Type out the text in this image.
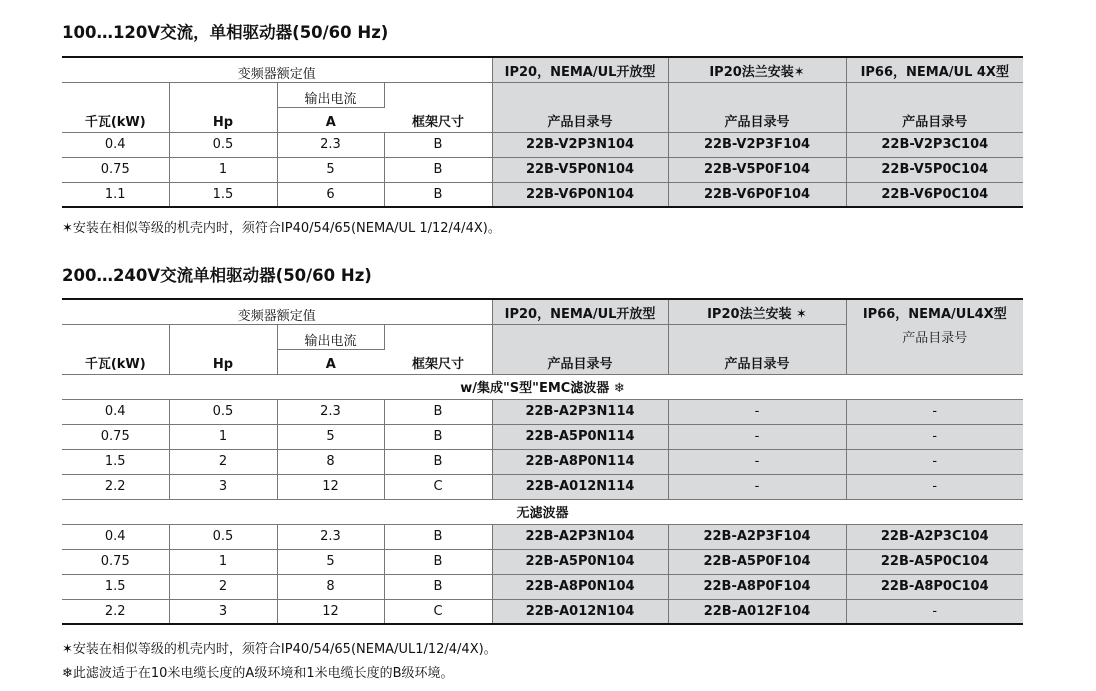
100…120V交流，单相驱动器(50/60 Hz)
变频器额定值				IP20，NEMA/UL开放型	IP20法兰安装✶	IP66，NEMA/UL 4X型
千瓦(kW)	Hp	输出电流	框架尺寸	产品目录号	产品目录号	产品目录号
		A				
0.4	0.5	2.3	B	22B-V2P3N104	22B-V2P3F104	22B-V2P3C104
0.75	1	5	B	22B-V5P0N104	22B-V5P0F104	22B-V5P0C104
1.1	1.5	6	B	22B-V6P0N104	22B-V6P0F104	22B-V6P0C104

✶安装在相似等级的机壳内时，须符合IP40/54/65(NEMA/UL 1/12/4/4X)。

200…240V交流单相驱动器(50/60 Hz)
变频器额定值				IP20，NEMA/UL开放型	IP20法兰安装 ✶	IP66，NEMA/UL4X型
千瓦(kW)	Hp	输出电流	框架尺寸	产品目录号	产品目录号	产品目录号
		A				
w/集成"S型"EMC滤波器 ❄						
0.4	0.5	2.3	B	22B-A2P3N114	-	-
0.75	1	5	B	22B-A5P0N114	-	-
1.5	2	8	B	22B-A8P0N114	-	-
2.2	3	12	C	22B-A012N114	-	-
无滤波器						
0.4	0.5	2.3	B	22B-A2P3N104	22B-A2P3F104	22B-A2P3C104
0.75	1	5	B	22B-A5P0N104	22B-A5P0F104	22B-A5P0C104
1.5	2	8	B	22B-A8P0N104	22B-A8P0F104	22B-A8P0C104
2.2	3	12	C	22B-A012N104	22B-A012F104	-

✶安装在相似等级的机壳内时，须符合IP40/54/65(NEMA/UL1/12/4/4X)。

❄此滤波适于在10米电缆长度的A级环境和1米电缆长度的B级环境。
